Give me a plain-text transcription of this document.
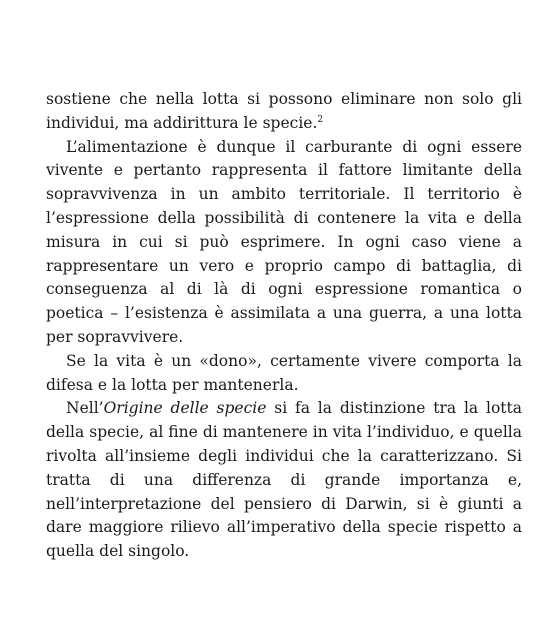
sostiene che nella lotta si possono eliminare non solo gli individui, ma addirittura le specie.$^2$

L’alimentazione è dunque il carburante di ogni essere vivente e pertanto rappresenta il fattore limitante della sopravvivenza in un ambito territoriale. Il territorio è l’espressione della possibilità di contenere la vita e della misura in cui si può esprimere. In ogni caso viene a rappresentare un vero e proprio campo di battaglia, di conseguenza al di là di ogni espressione romantica o poetica – l’esistenza è assimilata a una guerra, a una lotta per sopravvivere.

Se la vita è un «dono», certamente vivere comporta la difesa e la lotta per mantenerla.

Nell’Origine delle specie si fa la distinzione tra la lotta della specie, al fine di mantenere in vita l’individuo, e quella rivolta all’insieme degli individui che la caratterizzano. Si tratta di una differenza di grande importanza e, nell’interpretazione del pensiero di Darwin, si è giunti a dare maggiore rilievo all’imperativo della specie rispetto a quella del singolo.
